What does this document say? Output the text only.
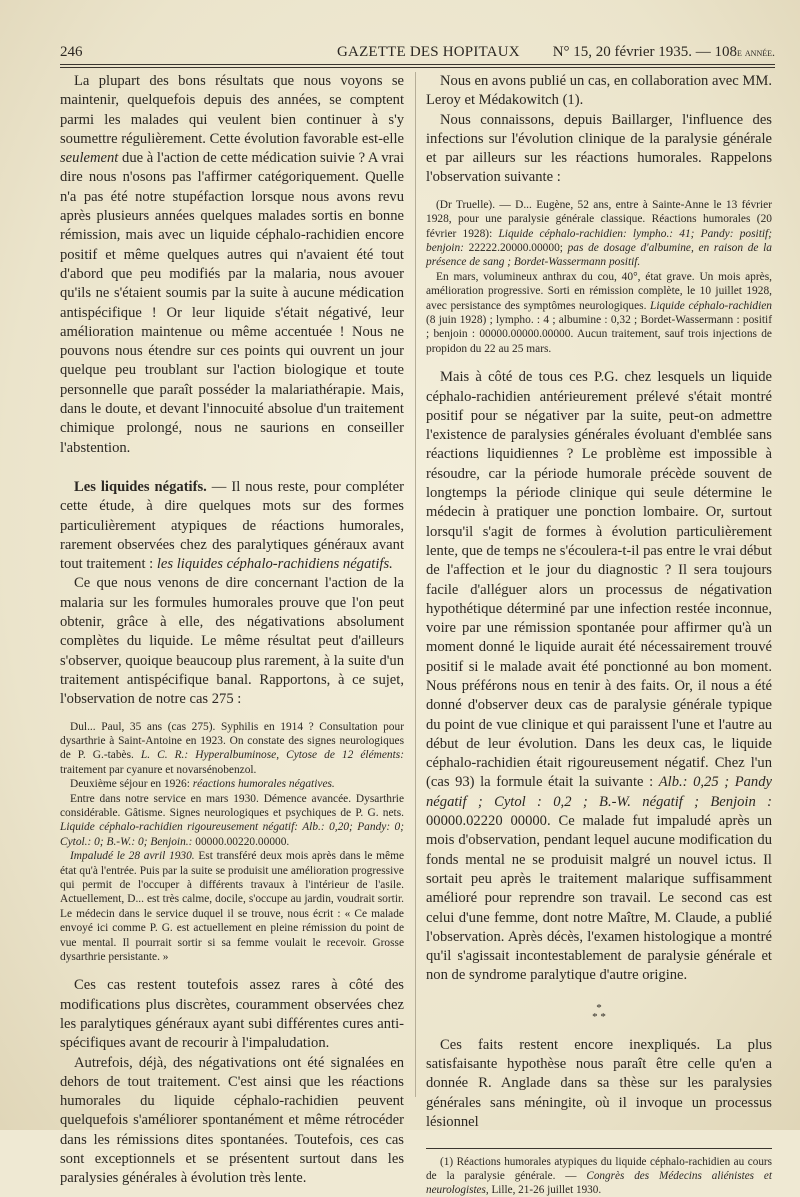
246	GAZETTE DES HOPITAUX N° 15, 20 février 1935. — 108e année.

La plupart des bons résultats que nous voyons se maintenir, quelquefois depuis des années, se comptent parmi les malades qui veulent bien continuer à s'y soumettre régulièrement. Cette évolution favorable est-elle seulement due à l'action de cette médication suivie ? A vrai dire nous n'osons pas l'affirmer catégoriquement. Quelle n'a pas été notre stupéfaction lorsque nous avons revu après plusieurs années quelques malades sortis en bonne rémission, mais avec un liquide céphalo-rachidien encore positif et même quelques autres qui n'avaient été tout d'abord que peu modifiés par la malaria, nous avouer qu'ils ne s'étaient soumis par la suite à aucune médication antispécifique ! Or leur liquide s'était négativé, leur amélioration maintenue ou même accentuée ! Nous ne pouvons nous étendre sur ces points qui ouvrent un jour quelque peu troublant sur l'action biologique et toute personnelle que paraît posséder la malariathérapie. Mais, dans le doute, et devant l'innocuité absolue d'un traitement chimique prolongé, nous ne saurions en conseiller l'abstention.

Les liquides négatifs. — Il nous reste, pour compléter cette étude, à dire quelques mots sur des formes particulièrement atypiques de réactions humorales, rarement observées chez des paralytiques généraux avant tout traitement : les liquides céphalo-rachidiens négatifs.

Ce que nous venons de dire concernant l'action de la malaria sur les formules humorales prouve que l'on peut obtenir, grâce à elle, des négativations absolument complètes du liquide. Le même résultat peut d'ailleurs s'observer, quoique beaucoup plus rarement, à la suite d'un traitement antispécifique banal. Rapportons, à ce sujet, l'observation de notre cas 275 :

Dul... Paul, 35 ans (cas 275). Syphilis en 1914 ? Consultation pour dysarthrie à Saint-Antoine en 1923. On constate des signes neurologiques de P. G.-tabès. L. C. R.: Hyperalbuminose, Cytose de 12 éléments: traitement par cyanure et novarsénobenzol.

Deuxième séjour en 1926: réactions humorales négatives.

Entre dans notre service en mars 1930. Démence avancée. Dysarthrie considérable. Gâtisme. Signes neurologiques et psychiques de P. G. nets. Liquide céphalo-rachidien rigoureusement négatif: Alb.: 0,20; Pandy: 0; Cytol.: 0; B.-W.: 0; Benjoin.: 00000.00220.00000.

Impaludé le 28 avril 1930. Est transféré deux mois après dans le même état qu'à l'entrée. Puis par la suite se produisit une amélioration progressive qui permit de l'occuper à différents travaux à l'intérieur de l'asile. Actuellement, D... est très calme, docile, s'occupe au jardin, voudrait sortir. Le médecin dans le service duquel il se trouve, nous écrit : « Ce malade envoyé ici comme P. G. est actuellement en pleine rémission du point de vue mental. Il pourrait sortir si sa femme voulait le recevoir. Grosse dysarthrie persistante. »

Ces cas restent toutefois assez rares à côté des modifications plus discrètes, couramment observées chez les paralytiques généraux ayant subi différentes cures anti-spécifiques avant de recourir à l'impaludation.

Autrefois, déjà, des négativations ont été signalées en dehors de tout traitement. C'est ainsi que les réactions humorales du liquide céphalo-rachidien peuvent quelquefois s'améliorer spontanément et même rétrocéder dans les rémissions dites spontanées. Toutefois, ces cas sont exceptionnels et se présentent surtout dans les paralysies générales à évolution très lente.

Nous en avons publié un cas, en collaboration avec MM. Leroy et Médakowitch (1).

Nous connaissons, depuis Baillarger, l'influence des infections sur l'évolution clinique de la paralysie générale et par ailleurs sur les réactions humorales. Rappelons l'observation suivante :

(Dr Truelle). — D... Eugène, 52 ans, entre à Sainte-Anne le 13 février 1928, pour une paralysie générale classique. Réactions humorales (20 février 1928): Liquide céphalo-rachidien: lympho.: 41; Pandy: positif; benjoin: 22222.20000.00000; pas de dosage d'albumine, en raison de la présence de sang ; Bordet-Wassermann positif.

En mars, volumineux anthrax du cou, 40°, état grave. Un mois après, amélioration progressive. Sorti en rémission complète, le 10 juillet 1928, avec persistance des symptômes neurologiques. Liquide céphalo-rachidien (8 juin 1928) ; lympho. : 4 ; albumine : 0,32 ; Bordet-Wassermann : positif ; benjoin : 00000.00000.00000. Aucun traitement, sauf trois injections de propidon du 22 au 25 mars.

Mais à côté de tous ces P.G. chez lesquels un liquide céphalo-rachidien antérieurement prélevé s'était montré positif pour se négativer par la suite, peut-on admettre l'existence de paralysies générales évoluant d'emblée sans réactions liquidiennes ? Le problème est impossible à résoudre, car la période humorale précède souvent de longtemps la période clinique qui seule détermine le médecin à pratiquer une ponction lombaire. Or, surtout lorsqu'il s'agit de formes à évolution particulièrement lente, que de temps ne s'écoulera-t-il pas entre le vrai début de l'affection et le jour du diagnostic ? Il sera toujours facile d'alléguer alors un processus de négativation hypothétique déterminé par une infection restée inconnue, voire par une rémission spontanée pour affirmer qu'à un moment donné le liquide aurait été nécessairement trouvé positif si le malade avait été ponctionné au bon moment. Nous préférons nous en tenir à des faits. Or, il nous a été donné d'observer deux cas de paralysie générale typique du point de vue clinique et qui paraissent l'une et l'autre au début de leur évolution. Dans les deux cas, le liquide céphalo-rachidien était rigoureusement négatif. Chez l'un (cas 93) la formule était la suivante : Alb.: 0,25 ; Pandy négatif ; Cytol : 0,2 ; B.-W. négatif ; Benjoin : 00000.02220 00000. Ce malade fut impaludé après un mois d'observation, pendant lequel aucune modification du fonds mental ne se produisit malgré un nouvel ictus. Il sortait peu après le traitement malarique suffisamment amélioré pour reprendre son travail. Le second cas est celui d'une femme, dont notre Maître, M. Claude, a publié l'observation. Après décès, l'examen histologique a montré qu'il s'agissait incontestablement de paralysie générale et non de syndrome paralytique d'autre origine.

*
* *

Ces faits restent encore inexpliqués. La plus satisfaisante hypothèse nous paraît être celle qu'en a donnée R. Anglade dans sa thèse sur les paralysies générales sans méningite, où il invoque un processus lésionnel

(1) Réactions humorales atypiques du liquide céphalo-rachidien au cours de la paralysie générale. — Congrès des Médecins aliénistes et neurologistes, Lille, 21-26 juillet 1930.
